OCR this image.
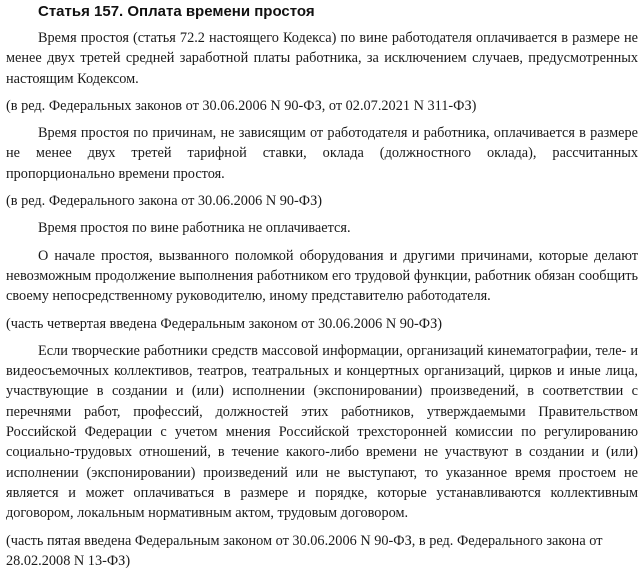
Статья 157. Оплата времени простоя

Время простоя (статья 72.2 настоящего Кодекса) по вине работодателя оплачивается в размере не менее двух третей средней заработной платы работника, за исключением случаев, предусмотренных настоящим Кодексом.

(в ред. Федеральных законов от 30.06.2006 N 90-ФЗ, от 02.07.2021 N 311-ФЗ)

Время простоя по причинам, не зависящим от работодателя и работника, оплачивается в размере не менее двух третей тарифной ставки, оклада (должностного оклада), рассчитанных пропорционально времени простоя.

(в ред. Федерального закона от 30.06.2006 N 90-ФЗ)

Время простоя по вине работника не оплачивается.

О начале простоя, вызванного поломкой оборудования и другими причинами, которые делают невозможным продолжение выполнения работником его трудовой функции, работник обязан сообщить своему непосредственному руководителю, иному представителю работодателя.

(часть четвертая введена Федеральным законом от 30.06.2006 N 90-ФЗ)

Если творческие работники средств массовой информации, организаций кинематографии, теле- и видеосъемочных коллективов, театров, театральных и концертных организаций, цирков и иные лица, участвующие в создании и (или) исполнении (экспонировании) произведений, в соответствии с перечнями работ, профессий, должностей этих работников, утверждаемыми Правительством Российской Федерации с учетом мнения Российской трехсторонней комиссии по регулированию социально-трудовых отношений, в течение какого-либо времени не участвуют в создании и (или) исполнении (экспонировании) произведений или не выступают, то указанное время простоем не является и может оплачиваться в размере и порядке, которые устанавливаются коллективным договором, локальным нормативным актом, трудовым договором.

(часть пятая введена Федеральным законом от 30.06.2006 N 90-ФЗ, в ред. Федерального закона от 28.02.2008 N 13-ФЗ)
